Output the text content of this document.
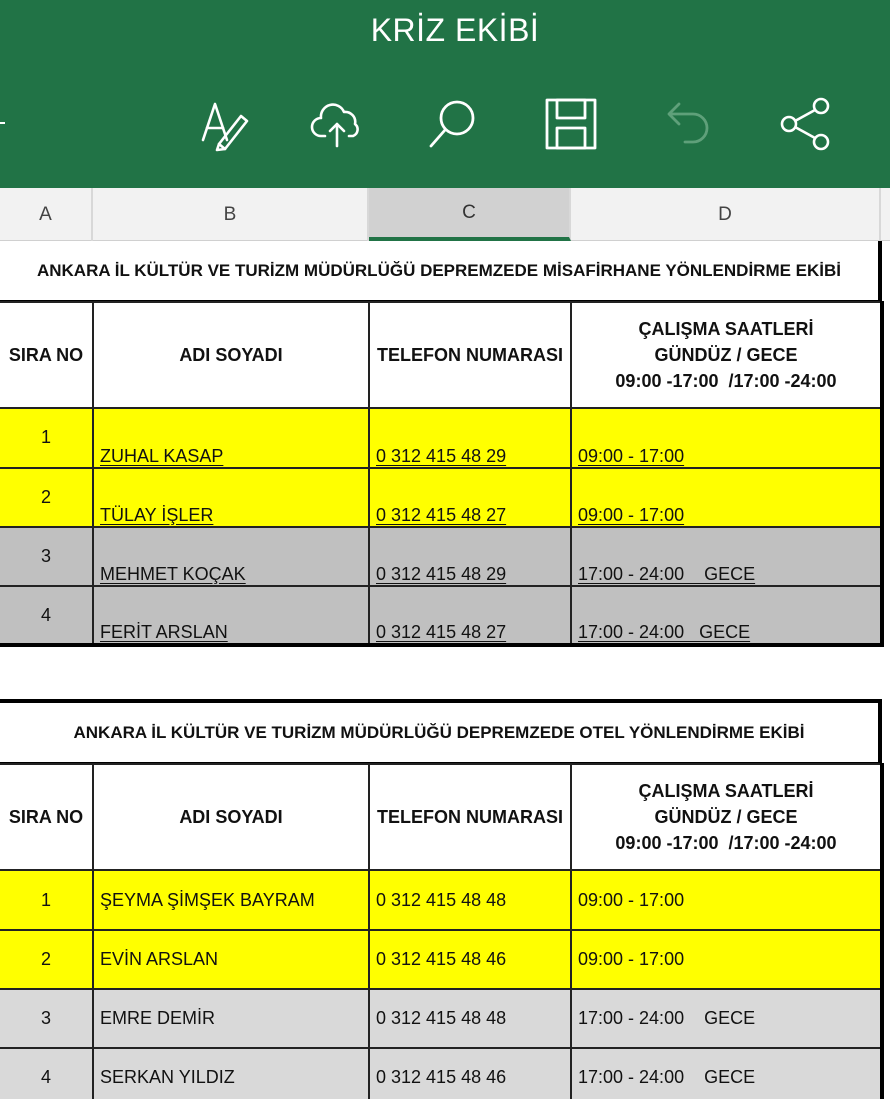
KRİZ EKİBİ
A	B	C	D
ANKARA İL KÜLTÜR VE TURİZM MÜDÜRLÜĞÜ DEPREMZEDE MİSAFİRHANE YÖNLENDİRME EKİBİ
SIRA NO	ADI SOYADI	TELEFON NUMARASI	ÇALIŞMA SAATLERİ
GÜNDÜZ / GECE
09:00 -17:00  /17:00 -24:00

1	ZUHAL KASAP	0 312 415 48 29	09:00 - 17:00
2	TÜLAY İŞLER	0 312 415 48 27	09:00 - 17:00
3	MEHMET KOÇAK	0 312 415 48 29	17:00 - 24:00    GECE
4	FERİT ARSLAN	0 312 415 48 27	17:00 - 24:00   GECE
ANKARA İL KÜLTÜR VE TURİZM MÜDÜRLÜĞÜ DEPREMZEDE OTEL YÖNLENDİRME EKİBİ
SIRA NO	ADI SOYADI	TELEFON NUMARASI	ÇALIŞMA SAATLERİ
GÜNDÜZ / GECE
09:00 -17:00  /17:00 -24:00

1	ŞEYMA ŞİMŞEK BAYRAM	0 312 415 48 48	09:00 - 17:00
2	EVİN ARSLAN	0 312 415 48 46	09:00 - 17:00
3	EMRE DEMİR	0 312 415 48 48	17:00 - 24:00    GECE
4	SERKAN YILDIZ	0 312 415 48 46	17:00 - 24:00    GECE
